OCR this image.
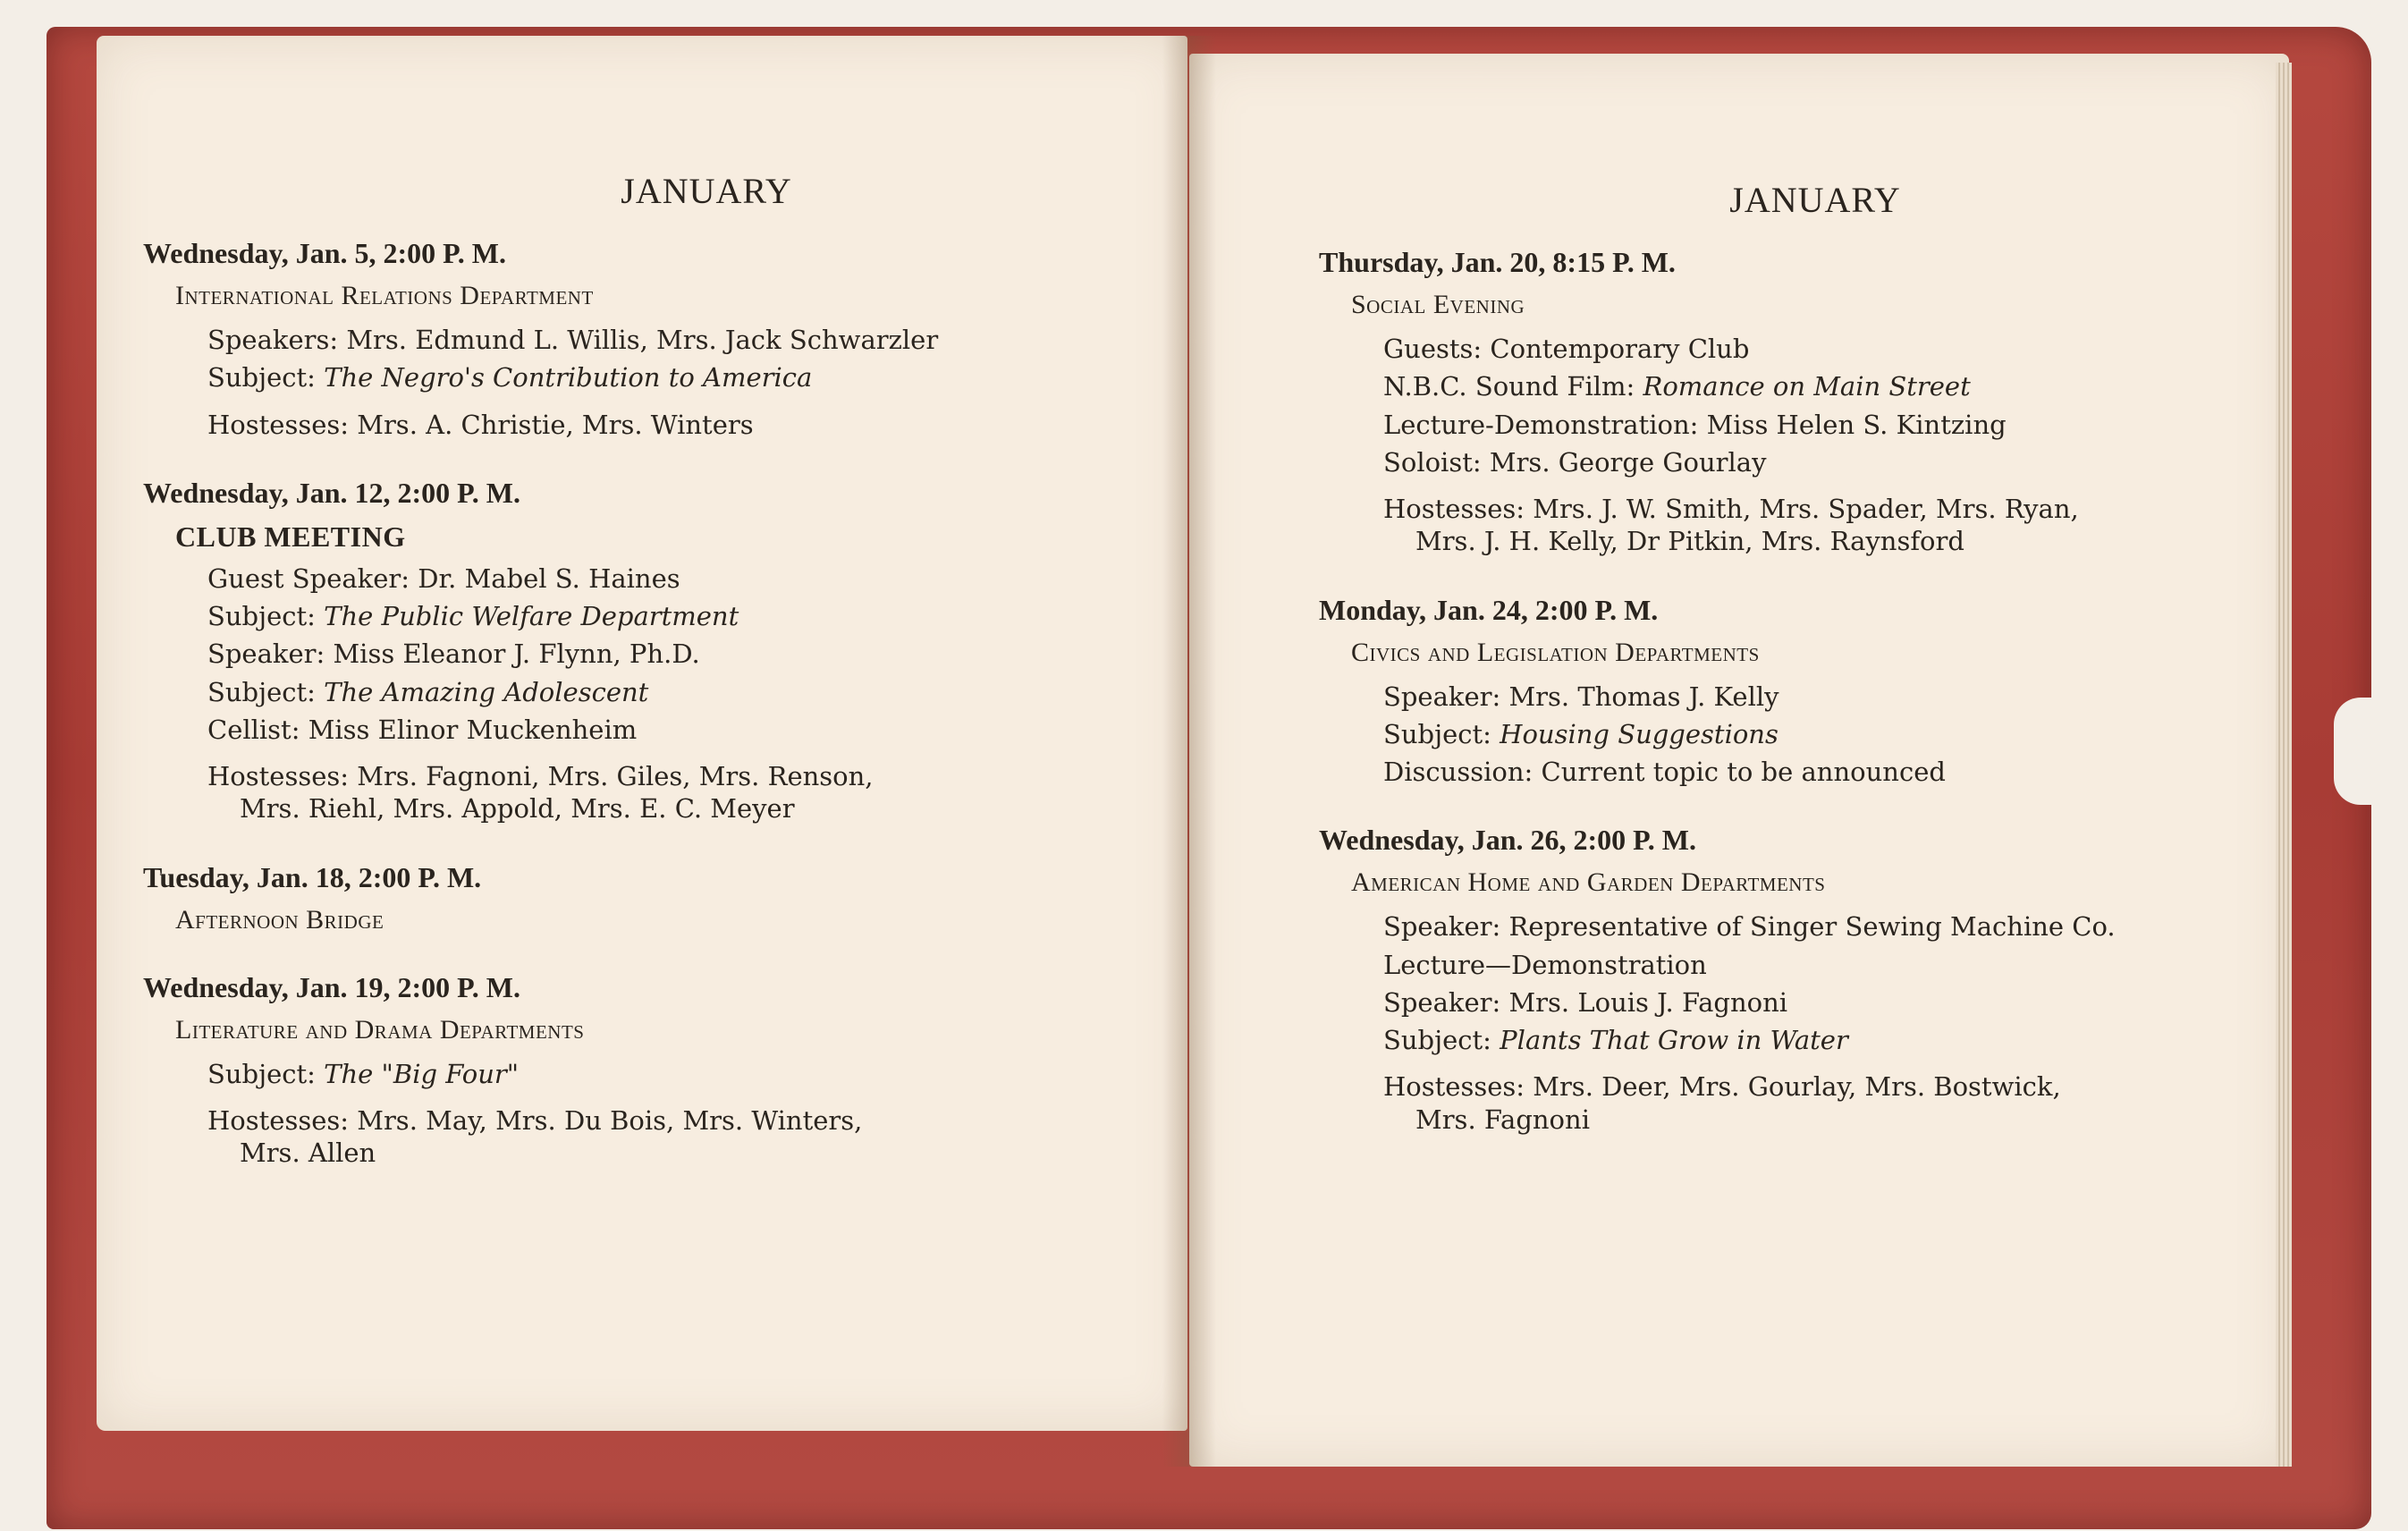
JANUARY
Wednesday, Jan. 5, 2:00 P. M.
International Relations Department
Speakers: Mrs. Edmund L. Willis, Mrs. Jack Schwarzler
Subject: The Negro's Contribution to America
Hostesses: Mrs. A. Christie, Mrs. Winters
Wednesday, Jan. 12, 2:00 P. M.
CLUB MEETING
Guest Speaker: Dr. Mabel S. Haines
Subject: The Public Welfare Department
Speaker: Miss Eleanor J. Flynn, Ph.D.
Subject: The Amazing Adolescent
Cellist: Miss Elinor Muckenheim
Hostesses: Mrs. Fagnoni, Mrs. Giles, Mrs. Renson,
Mrs. Riehl, Mrs. Appold, Mrs. E. C. Meyer
Tuesday, Jan. 18, 2:00 P. M.
Afternoon Bridge
Wednesday, Jan. 19, 2:00 P. M.
Literature and Drama Departments
Subject: The "Big Four"
Hostesses: Mrs. May, Mrs. Du Bois, Mrs. Winters,
Mrs. Allen
JANUARY
Thursday, Jan. 20, 8:15 P. M.
Social Evening
Guests: Contemporary Club
N.B.C. Sound Film: Romance on Main Street
Lecture-Demonstration: Miss Helen S. Kintzing
Soloist: Mrs. George Gourlay
Hostesses: Mrs. J. W. Smith, Mrs. Spader, Mrs. Ryan,
Mrs. J. H. Kelly, Dr Pitkin, Mrs. Raynsford
Monday, Jan. 24, 2:00 P. M.
Civics and Legislation Departments
Speaker: Mrs. Thomas J. Kelly
Subject: Housing Suggestions
Discussion: Current topic to be announced
Wednesday, Jan. 26, 2:00 P. M.
American Home and Garden Departments
Speaker: Representative of Singer Sewing Machine Co.
Lecture—Demonstration
Speaker: Mrs. Louis J. Fagnoni
Subject: Plants That Grow in Water
Hostesses: Mrs. Deer, Mrs. Gourlay, Mrs. Bostwick,
Mrs. Fagnoni
